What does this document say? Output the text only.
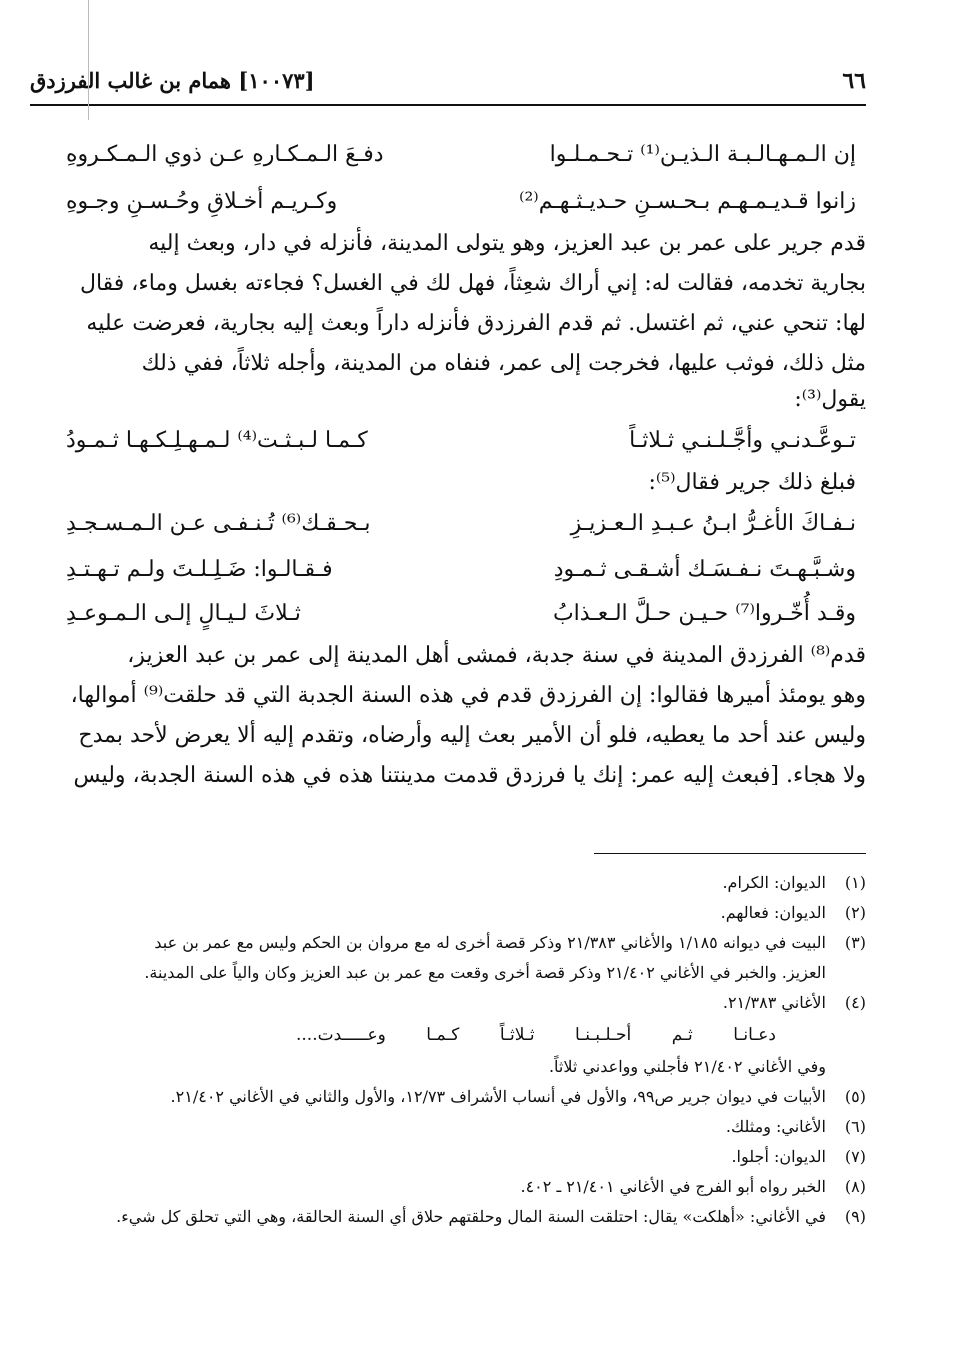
٦٦
[١٠٠٧٣] همام بن غالب الفرزدق
إن الـمـهـالـبـة الـذيـن⁽¹⁾ تـحـمـلـوا
دفـعَ الـمـكـارهِ عـن ذوي الـمـكـروهِ
زانوا قـديـمـهـم بـحـسـنِ حـديـثـهـم⁽²⁾
وكـريـم أخـلاقِ وحُـسـنِ وجـوهِ

قدم جرير على عمر بن عبد العزيز، وهو يتولى المدينة، فأنزله في دار، وبعث إليه

بجارية تخدمه، فقالت له: إني أراك شعِثاً، فهل لك في الغسل؟ فجاءته بغسل وماء، فقال

لها: تنحي عني، ثم اغتسل. ثم قدم الفرزدق فأنزله داراً وبعث إليه بجارية، فعرضت عليه

مثل ذلك، فوثب عليها، فخرجت إلى عمر، فنفاه من المدينة، وأجله ثلاثاً، ففي ذلك

يقول⁽³⁾:

تـوعَّـدنـي وأجَّـلـنـي ثـلاثـاً
كـمـا لـبـثـت⁽⁴⁾ لـمـهـلِـكـهـا ثـمـودُ

فبلغ ذلك جرير فقال⁽⁵⁾:

نـفـاكَ الأغـرُّ ابـنُ عـبـدِ الـعـزيـزِ
بـحـقـك⁽⁶⁾ تُـنـفـى عـن الـمـسـجـدِ
وشـبَّـهـتَ نـفـسَـك أشـقـى ثـمـودِ
فـقـالـوا: ضَـلِـلـتَ ولـم تـهـتـدِ
وقـد أُخّـروا⁽⁷⁾ حـيـن حـلَّ الـعـذابُ
ثـلاثَ لـيـالٍ إلـى الـمـوعـدِ

قدم⁽⁸⁾ الفرزدق المدينة في سنة جدبة، فمشى أهل المدينة إلى عمر بن عبد العزيز،

وهو يومئذ أميرها فقالوا: إن الفرزدق قدم في هذه السنة الجدبة التي قد حلقت⁽⁹⁾ أموالها،

وليس عند أحد ما يعطيه، فلو أن الأمير بعث إليه وأرضاه، وتقدم إليه ألا يعرض لأحد بمدح

ولا هجاء. [فبعث إليه عمر: إنك يا فرزدق قدمت مدينتنا هذه في هذه السنة الجدبة، وليس

(١)
الديوان: الكرام.
(٢)
الديوان: فعالهم.
(٣)
البيت في ديوانه ١/١٨٥ والأغاني ٢١/٣٨٣ وذكر قصة أخرى له مع مروان بن الحكم وليس مع عمر بن عبد
العزيز. والخبر في الأغاني ٢١/٤٠٢ وذكر قصة أخرى وقعت مع عمر بن عبد العزيز وكان والياً على المدينة.
(٤)
الأغاني ٢١/٣٨٣.
دعـانـا
ثـم
أحـلـبـنـا
ثـلاثـاً
كـمـا
وعـــــدت....
وفي الأغاني ٢١/٤٠٢ فأجلني وواعدني ثلاثاً.
(٥)
الأبيات في ديوان جرير ص٩٩، والأول في أنساب الأشراف ١٢/٧٣، والأول والثاني في الأغاني ٢١/٤٠٢.
(٦)
الأغاني: ومثلك.
(٧)
الديوان: أجلوا.
(٨)
الخبر رواه أبو الفرج في الأغاني ٢١/٤٠١ ـ ٤٠٢.
(٩)
في الأغاني: «أهلكت» يقال: احتلقت السنة المال وحلقتهم حلاق أي السنة الحالقة، وهي التي تحلق كل شيء.
